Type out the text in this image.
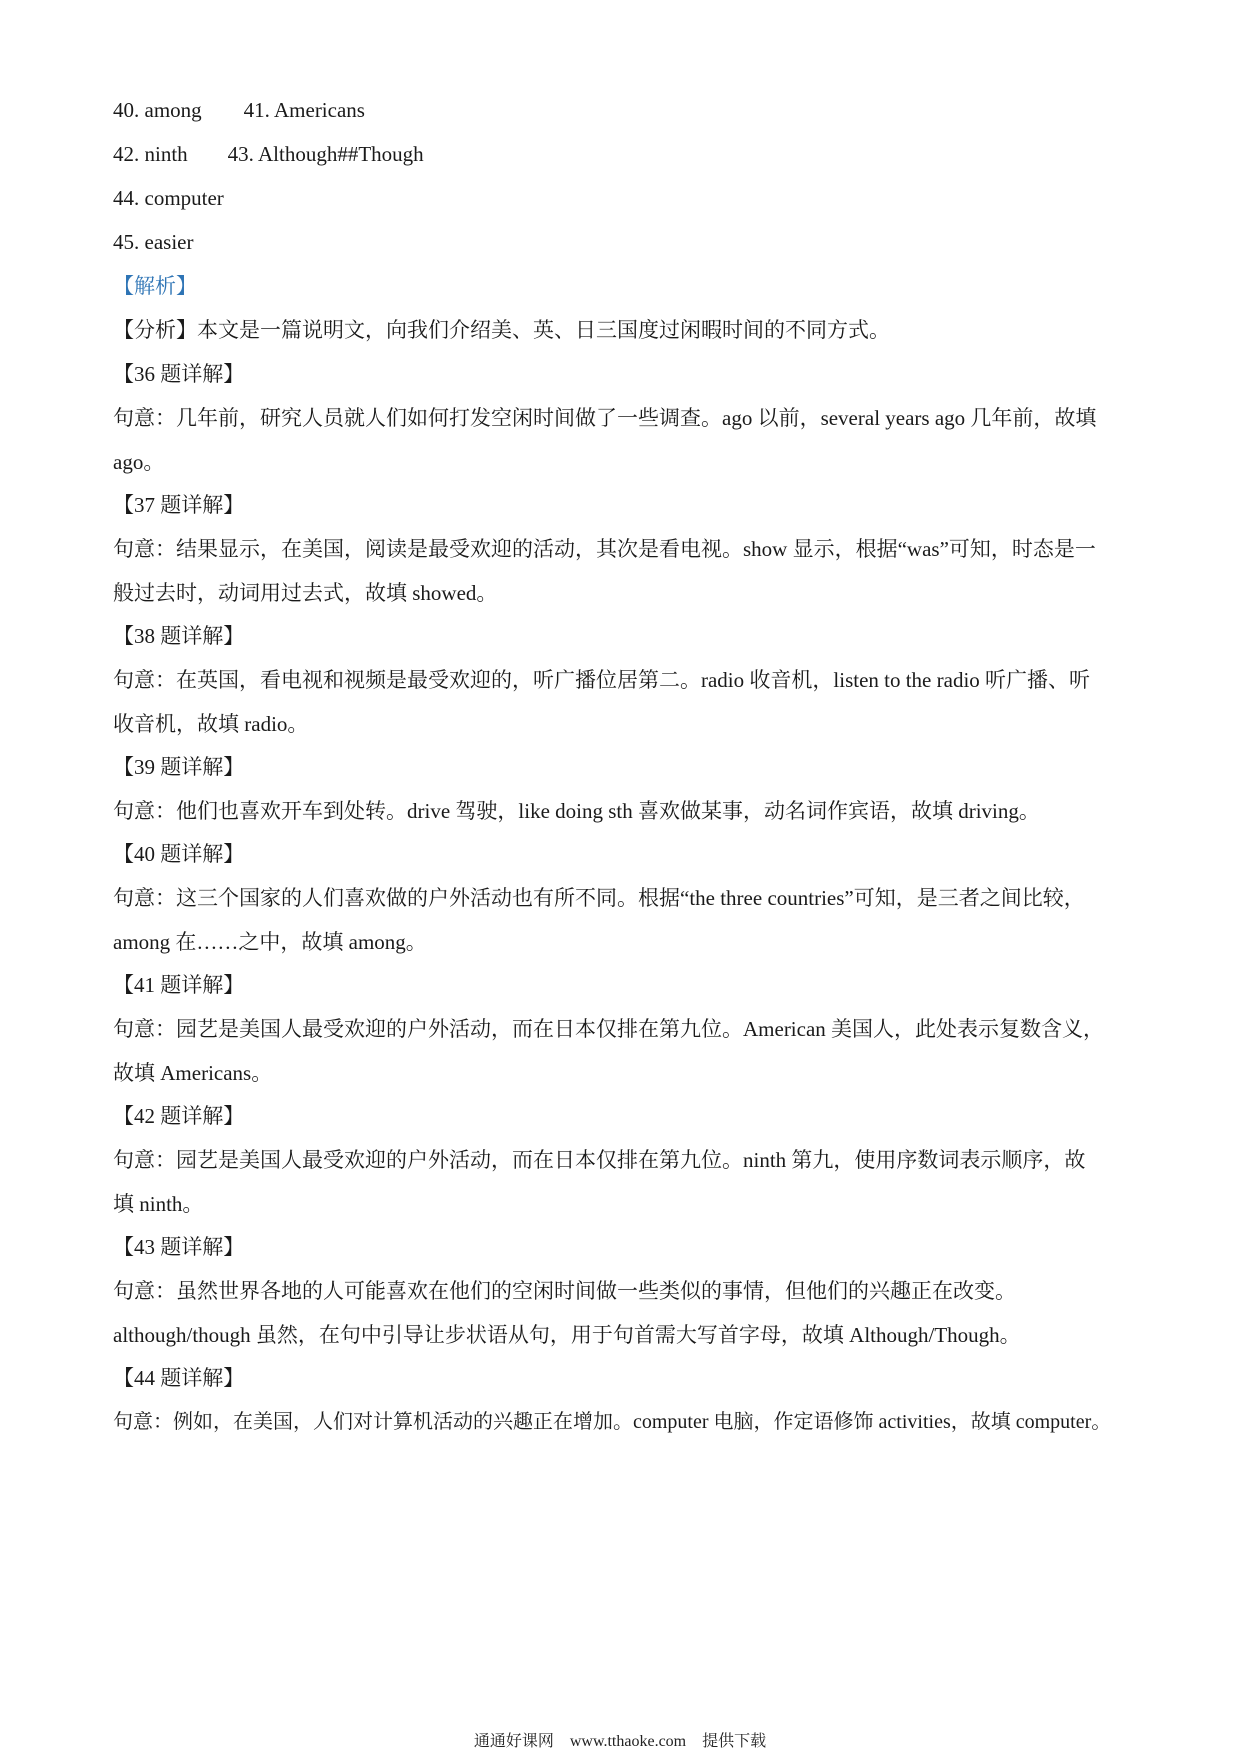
40. among 41. Americans
42. ninth 43. Although##Though
44. computer
45. easier
【解析】
【分析】本文是一篇说明文，向我们介绍美、英、日三国度过闲暇时间的不同方式。
【36 题详解】
句意：几年前，研究人员就人们如何打发空闲时间做了一些调查。ago 以前，several years ago 几年前，故填
ago。
【37 题详解】
句意：结果显示，在美国，阅读是最受欢迎的活动，其次是看电视。show 显示，根据“was”可知，时态是一
般过去时，动词用过去式，故填 showed。
【38 题详解】
句意：在英国，看电视和视频是最受欢迎的，听广播位居第二。radio 收音机，listen to the radio 听广播、听
收音机，故填 radio。
【39 题详解】
句意：他们也喜欢开车到处转。drive 驾驶，like doing sth 喜欢做某事，动名词作宾语，故填 driving。
【40 题详解】
句意：这三个国家的人们喜欢做的户外活动也有所不同。根据“the three countries”可知，是三者之间比较，
among 在……之中，故填 among。
【41 题详解】
句意：园艺是美国人最受欢迎的户外活动，而在日本仅排在第九位。American 美国人，此处表示复数含义，
故填 Americans。
【42 题详解】
句意：园艺是美国人最受欢迎的户外活动，而在日本仅排在第九位。ninth 第九，使用序数词表示顺序，故
填 ninth。
【43 题详解】
句意：虽然世界各地的人可能喜欢在他们的空闲时间做一些类似的事情，但他们的兴趣正在改变。
although/though 虽然，在句中引导让步状语从句，用于句首需大写首字母，故填 Although/Though。
【44 题详解】
句意：例如，在美国，人们对计算机活动的兴趣正在增加。computer 电脑，作定语修饰 activities，故填 computer。
通通好课网 www.tthaoke.com 提供下载
